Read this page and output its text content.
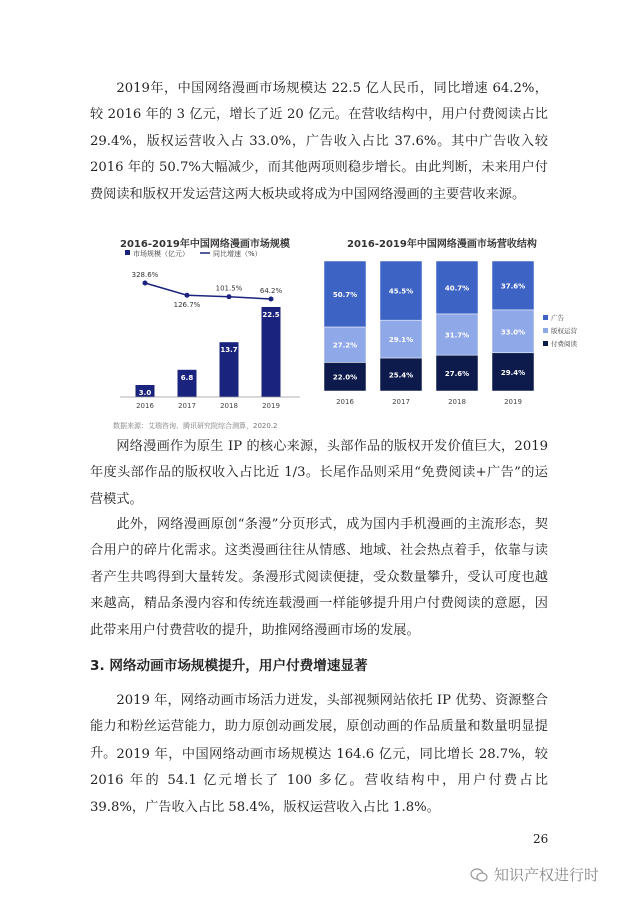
2019年，中国网络漫画市场规模达 22.5 亿人民币，同比增速 64.2%，较 2016 年的 3 亿元，增长了近 20 亿元。在营收结构中，用户付费阅读占比 29.4%，版权运营收入占 33.0%，广告收入占比 37.6%。其中广告收入较 2016 年的 50.7%大幅减少，而其他两项则稳步增长。由此判断，未来用户付费阅读和版权开发运营这两大板块或将成为中国网络漫画的主要营收来源。

2016-2019年中国网络漫画市场规模
市场规模（亿元）	同比增速（%）
3.0
6.8
13.7
22.5
328.6%
126.7%
101.5%	64.2%
2016	2017	2018	2019
数据来源：艾瑞咨询、腾讯研究院综合测算，2020.2
2016-2019年中国网络漫画市场营收结构
22.0%
27.2%
50.7%
25.4%
29.1%
45.5%
27.6%
31.7%
40.7%
29.4%
33.0%
37.6%
广告
版权运营
付费阅读
2016	2017	2018	2019

网络漫画作为原生 IP 的核心来源，头部作品的版权开发价值巨大，2019 年度头部作品的版权收入占比近 1/3。长尾作品则采用“免费阅读+广告”的运营模式。

此外，网络漫画原创“条漫”分页形式，成为国内手机漫画的主流形态，契合用户的碎片化需求。这类漫画往往从情感、地域、社会热点着手，依靠与读者产生共鸣得到大量转发。条漫形式阅读便捷，受众数量攀升，受认可度也越来越高，精品条漫内容和传统连载漫画一样能够提升用户付费阅读的意愿，因此带来用户付费营收的提升，助推网络漫画市场的发展。

3. 网络动画市场规模提升，用户付费增速显著

2019 年，网络动画市场活力迸发，头部视频网站依托 IP 优势、资源整合能力和粉丝运营能力，助力原创动画发展，原创动画的作品质量和数量明显提升。 2019 年，中国网络动画市场规模达 164.6 亿元，同比增长 28.7%，较 2016 年的 54.1 亿元增长了 100 多亿。营收结构中，用户付费占比 39.8%，广告收入占比 58.4%，版权运营收入占比 1.8%。

26
知识产权进行时
